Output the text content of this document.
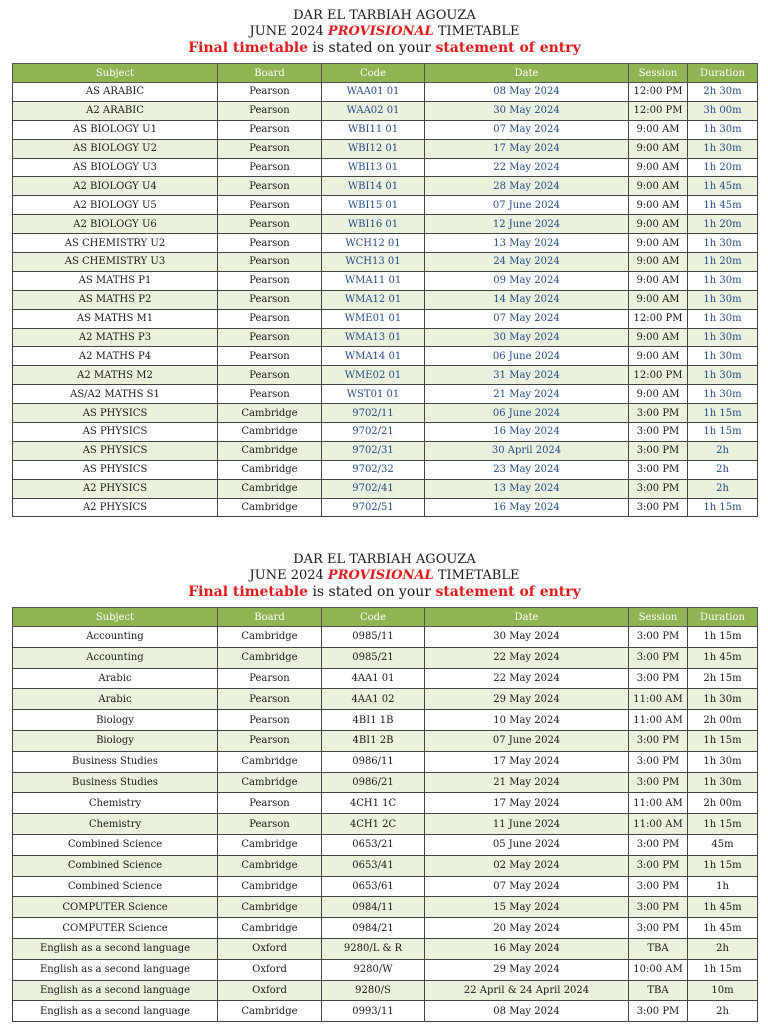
DAR EL TARBIAH AGOUZA
JUNE 2024 PROVISIONAL TIMETABLE
Final timetable is stated on your statement of entry
Subject	Board	Code	Date	Session	Duration
AS ARABIC	Pearson	WAA01 01	08 May 2024	12:00 PM	2h 30m
A2 ARABIC	Pearson	WAA02 01	30 May 2024	12:00 PM	3h 00m
AS BIOLOGY U1	Pearson	WBI11 01	07 May 2024	9:00 AM	1h 30m
AS BIOLOGY U2	Pearson	WBI12 01	17 May 2024	9:00 AM	1h 30m
AS BIOLOGY U3	Pearson	WBI13 01	22 May 2024	9:00 AM	1h 20m
A2 BIOLOGY U4	Pearson	WBI14 01	28 May 2024	9:00 AM	1h 45m
A2 BIOLOGY U5	Pearson	WBI15 01	07 June 2024	9:00 AM	1h 45m
A2 BIOLOGY U6	Pearson	WBI16 01	12 June 2024	9:00 AM	1h 20m
AS CHEMISTRY U2	Pearson	WCH12 01	13 May 2024	9:00 AM	1h 30m
AS CHEMISTRY U3	Pearson	WCH13 01	24 May 2024	9:00 AM	1h 20m
AS MATHS P1	Pearson	WMA11 01	09 May 2024	9:00 AM	1h 30m
AS MATHS P2	Pearson	WMA12 01	14 May 2024	9:00 AM	1h 30m
AS MATHS M1	Pearson	WME01 01	07 May 2024	12:00 PM	1h 30m
A2 MATHS P3	Pearson	WMA13 01	30 May 2024	9:00 AM	1h 30m
A2 MATHS P4	Pearson	WMA14 01	06 June 2024	9:00 AM	1h 30m
A2 MATHS M2	Pearson	WME02 01	31 May 2024	12:00 PM	1h 30m
AS/A2 MATHS S1	Pearson	WST01 01	21 May 2024	9:00 AM	1h 30m
AS PHYSICS	Cambridge	9702/11	06 June 2024	3:00 PM	1h 15m
AS PHYSICS	Cambridge	9702/21	16 May 2024	3:00 PM	1h 15m
AS PHYSICS	Cambridge	9702/31	30 April 2024	3:00 PM	2h
AS PHYSICS	Cambridge	9702/32	23 May 2024	3:00 PM	2h
A2 PHYSICS	Cambridge	9702/41	13 May 2024	3:00 PM	2h
A2 PHYSICS	Cambridge	9702/51	16 May 2024	3:00 PM	1h 15m
DAR EL TARBIAH AGOUZA
JUNE 2024 PROVISIONAL TIMETABLE
Final timetable is stated on your statement of entry
Subject	Board	Code	Date	Session	Duration
Accounting	Cambridge	0985/11	30 May 2024	3:00 PM	1h 15m
Accounting	Cambridge	0985/21	22 May 2024	3:00 PM	1h 45m
Arabic	Pearson	4AA1 01	22 May 2024	3:00 PM	2h 15m
Arabic	Pearson	4AA1 02	29 May 2024	11:00 AM	1h 30m
Biology	Pearson	4BI1 1B	10 May 2024	11:00 AM	2h 00m
Biology	Pearson	4BI1 2B	07 June 2024	3:00 PM	1h 15m
Business Studies	Cambridge	0986/11	17 May 2024	3:00 PM	1h 30m
Business Studies	Cambridge	0986/21	21 May 2024	3:00 PM	1h 30m
Chemistry	Pearson	4CH1 1C	17 May 2024	11:00 AM	2h 00m
Chemistry	Pearson	4CH1 2C	11 June 2024	11:00 AM	1h 15m
Combined Science	Cambridge	0653/21	05 June 2024	3:00 PM	45m
Combined Science	Cambridge	0653/41	02 May 2024	3:00 PM	1h 15m
Combined Science	Cambridge	0653/61	07 May 2024	3:00 PM	1h
COMPUTER Science	Cambridge	0984/11	15 May 2024	3:00 PM	1h 45m
COMPUTER Science	Cambridge	0984/21	20 May 2024	3:00 PM	1h 45m
English as a second language	Oxford	9280/L & R	16 May 2024	TBA	2h
English as a second language	Oxford	9280/W	29 May 2024	10:00 AM	1h 15m
English as a second language	Oxford	9280/S	22 April & 24 April 2024	TBA	10m
English as a second language	Cambridge	0993/11	08 May 2024	3:00 PM	2h
